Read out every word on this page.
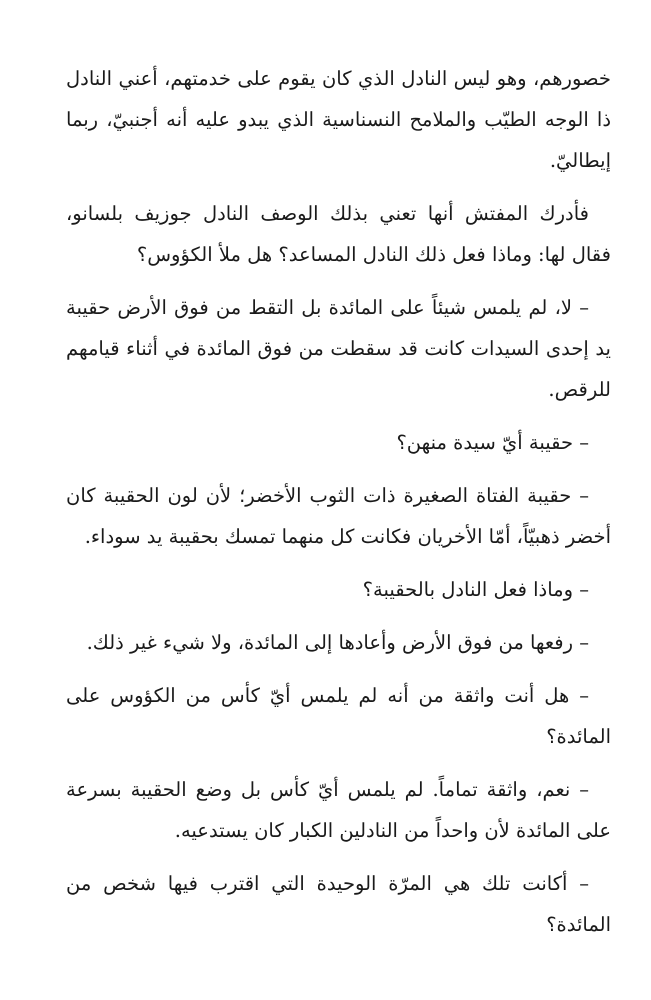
خصورهم، وهو ليس النادل الذي كان يقوم على خدمتهم، أعني النادل ذا الوجه الطيّب والملامح النسناسية الذي يبدو عليه أنه أجنبيّ، ربما إيطاليّ.

فأدرك المفتش أنها تعني بذلك الوصف النادل جوزيف بلسانو، فقال لها: وماذا فعل ذلك النادل المساعد؟ هل ملأ الكؤوس؟

– لا، لم يلمس شيئاً على المائدة بل التقط من فوق الأرض حقيبة يد إحدى السيدات كانت قد سقطت من فوق المائدة في أثناء قيامهم للرقص.

– حقيبة أيّ سيدة منهن؟

– حقيبة الفتاة الصغيرة ذات الثوب الأخضر؛ لأن لون الحقيبة كان أخضر ذهبيّاً، أمّا الأخريان فكانت كل منهما تمسك بحقيبة يد سوداء.

– وماذا فعل النادل بالحقيبة؟

– رفعها من فوق الأرض وأعادها إلى المائدة، ولا شيء غير ذلك.

– هل أنت واثقة من أنه لم يلمس أيّ كأس من الكؤوس على المائدة؟

– نعم، واثقة تماماً. لم يلمس أيّ كأس بل وضع الحقيبة بسرعة على المائدة لأن واحداً من النادلين الكبار كان يستدعيه.

– أكانت تلك هي المرّة الوحيدة التي اقترب فيها شخص من المائدة؟
